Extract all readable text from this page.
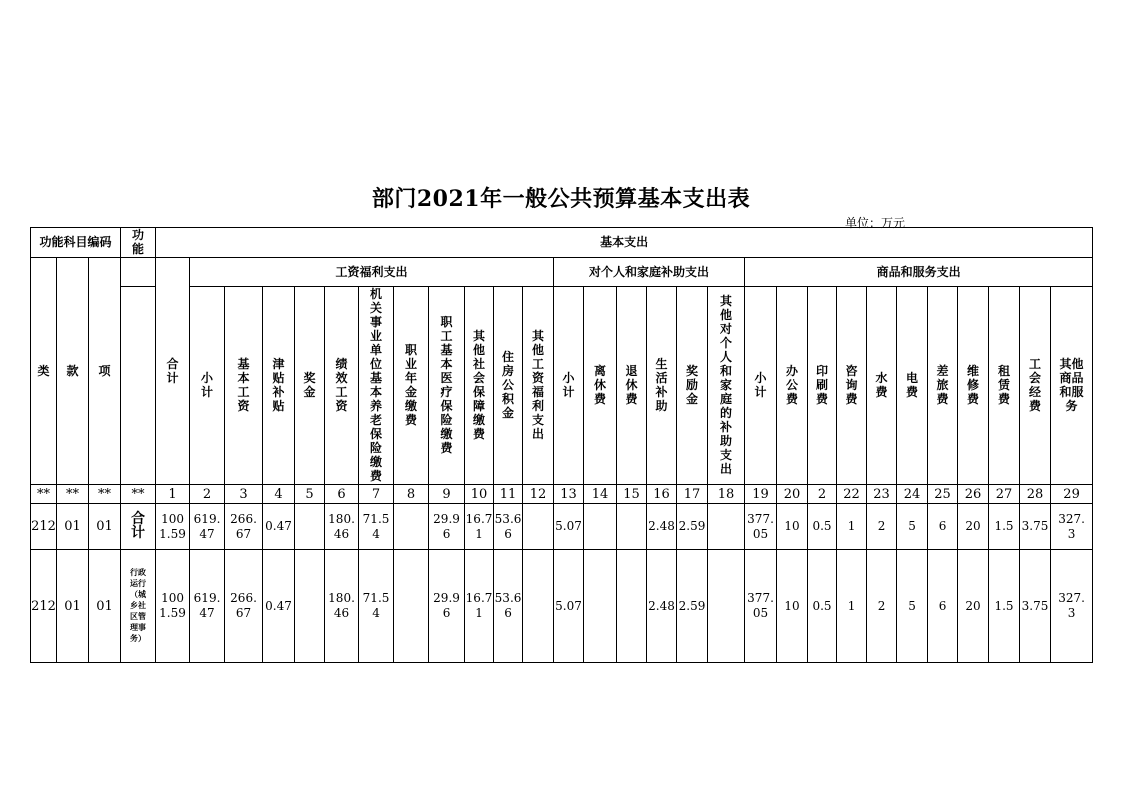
部门2021年一般公共预算基本支出表
单位：万元
功能科目编码			功能	基本支出																												
类	款	项		合计	工资福利支出											对个人和家庭补助支出						商品和服务支出										
					小计	基本工资	津贴补贴	奖金	绩效工资	机关事业单位基本养老保险缴费	职业年金缴费	职工基本医疗保险缴费	其他社会保障缴费	住房公积金	其他工资福利支出	小计	离休费	退休费	生活补助	奖励金	其他对个人和家庭的补助支出	小计	办公费	印刷费	咨询费	水费	电费	差旅费	维修费	租赁费	工会经费	其他商品和服务
**	**	**	**	1	2	3	4	5	6	7	8	9	10	11	12	13	14	15	16	17	18	19	20	2	22	23	24	25	26	27	28	29
212	01	01	合计	1001.59	619.47	266.67	0.47		180.46	71.54		29.96	16.71	53.66		5.07			2.48	2.59		377.05	10	0.5	1	2	5	6	20	1.5	3.75	327.3
212	01	01	行政运行（城乡社区管理事务）	1001.59	619.47	266.67	0.47		180.46	71.54		29.96	16.71	53.66		5.07			2.48	2.59		377.05	10	0.5	1	2	5	6	20	1.5	3.75	327.3
